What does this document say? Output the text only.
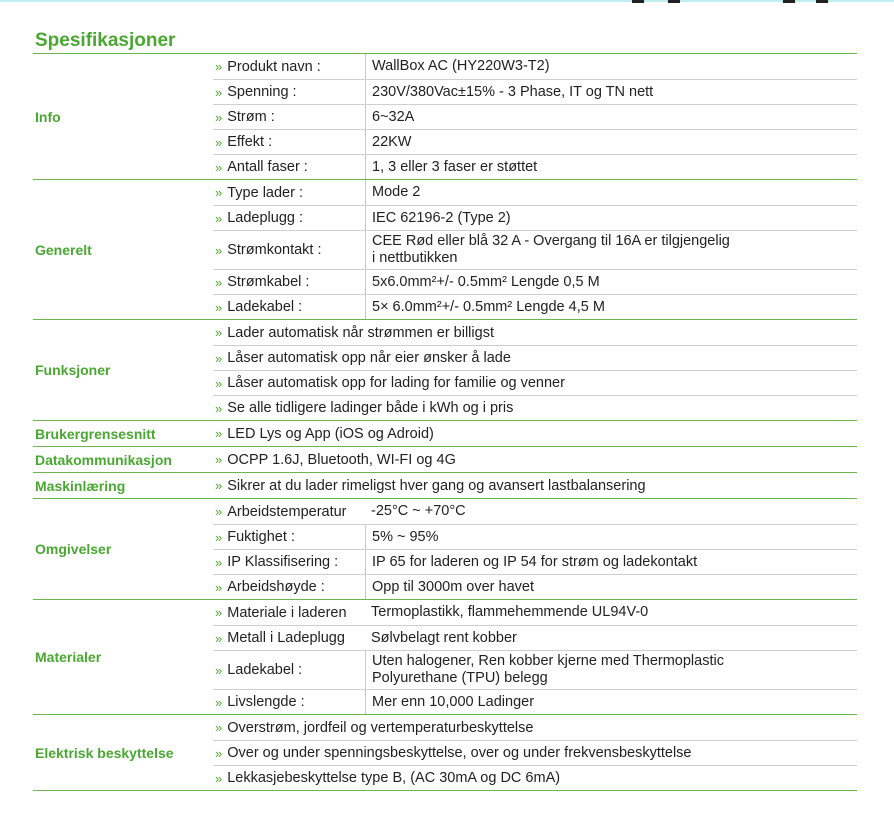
Spesifikasjoner
Info
» Produkt navn :	WallBox AC (HY220W3-T2)
» Spenning :	230V/380Vac±15% - 3 Phase, IT og TN nett
» Strøm :	6~32A
» Effekt :	22KW
» Antall faser :	1, 3 eller 3 faser er støttet
Generelt
» Type lader :	Mode 2
» Ladeplugg :	IEC 62196-2 (Type 2)
» Strømkontakt :
CEE Rød eller blå 32 A - Overgang til 16A er tilgjengelig i nettbutikken
» Strømkabel :	5x6.0mm²+/- 0.5mm² Lengde 0,5 M
» Ladekabel :	5× 6.0mm²+/- 0.5mm² Lengde 4,5 M
Funksjoner
» Lader automatisk når strømmen er billigst
» Låser automatisk opp når eier ønsker å lade
» Låser automatisk opp for lading for familie og venner
» Se alle tidligere ladinger både i kWh og i pris
Brukergrensesnitt	» LED Lys og App (iOS og Adroid)
Datakommunikasjon	» OCPP 1.6J, Bluetooth, WI-FI og 4G
Maskinlæring	» Sikrer at du lader rimeligst hver gang og avansert lastbalansering
Omgivelser
» Arbeidstemperatur	-25°C ~ +70°C
» Fuktighet :	5% ~ 95%
» IP Klassifisering :	IP 65 for laderen og IP 54 for strøm og ladekontakt
» Arbeidshøyde :	Opp til 3000m over havet
Materialer
» Materiale i laderen	Termoplastikk, flammehemmende UL94V-0
» Metall i Ladeplugg	Sølvbelagt rent kobber
» Ladekabel :
Uten halogener, Ren kobber kjerne med Thermoplastic Polyurethane (TPU) belegg
» Livslengde :	Mer enn 10,000 Ladinger
Elektrisk beskyttelse
» Overstrøm, jordfeil og vertemperaturbeskyttelse
» Over og under spenningsbeskyttelse, over og under frekvensbeskyttelse
» Lekkasjebeskyttelse type B, (AC 30mA og DC 6mA)
